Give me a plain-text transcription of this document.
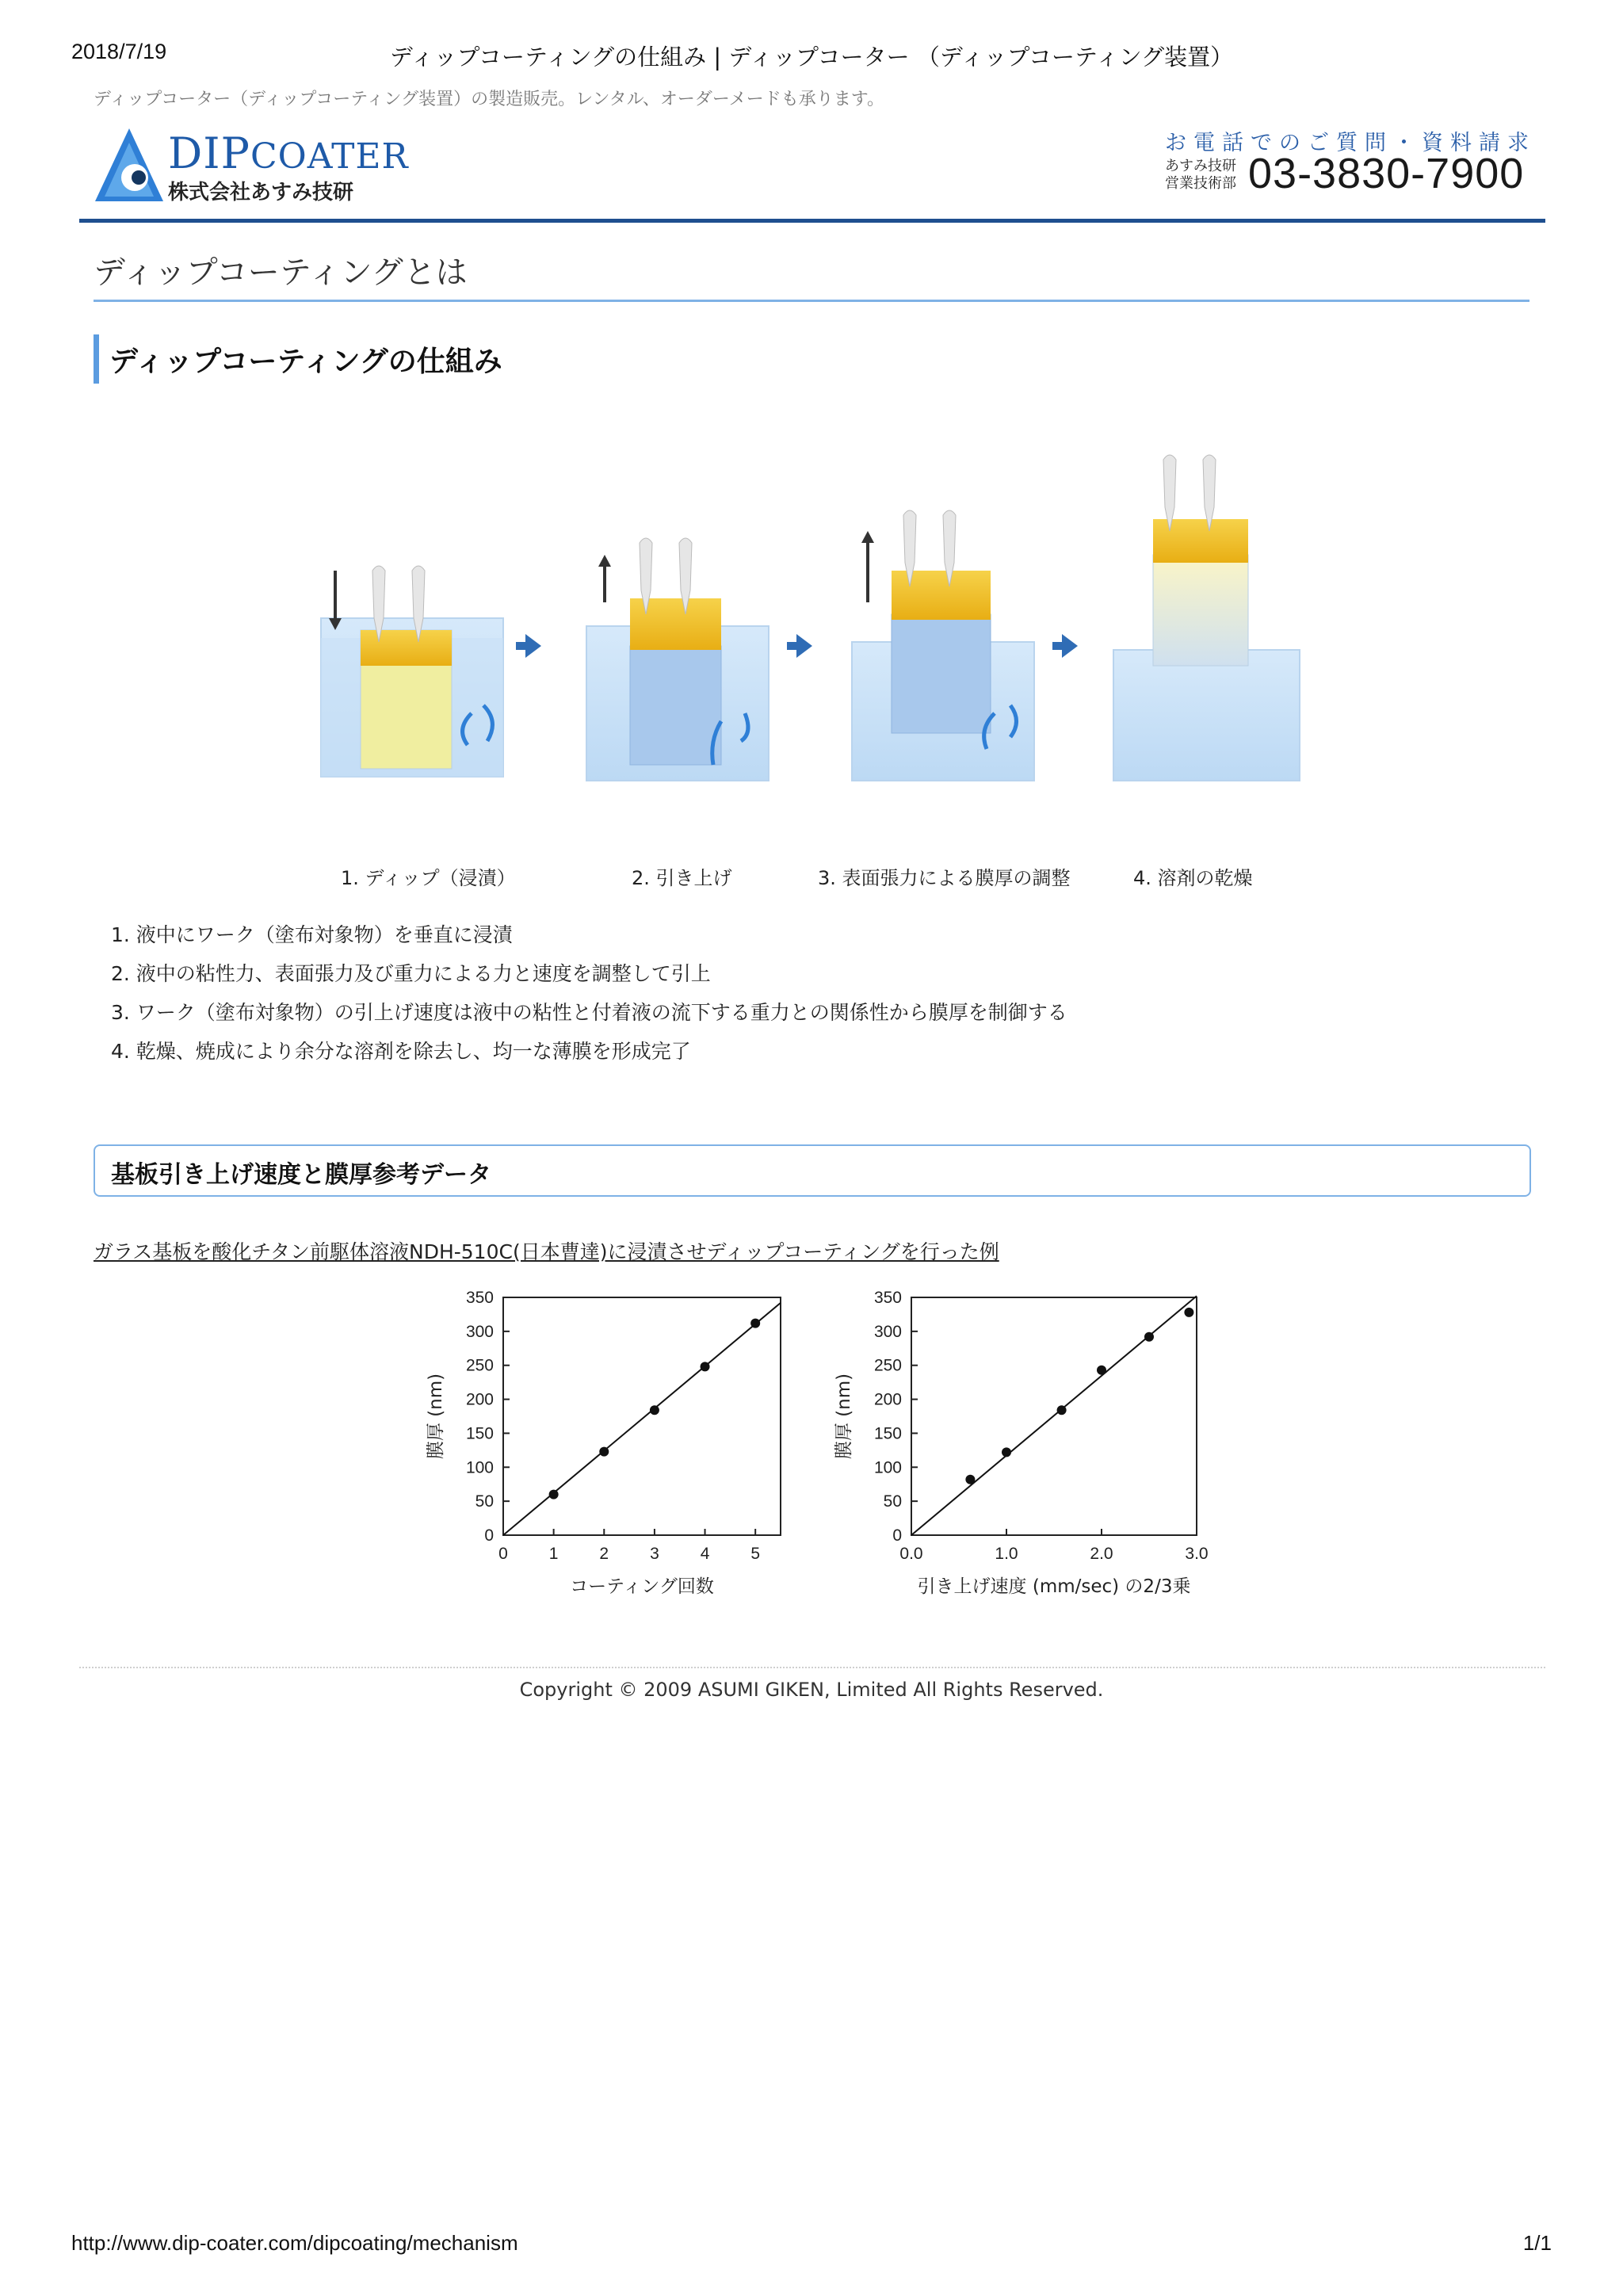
2018/7/19	ディップコーティングの仕組み | ディップコーター （ディップコーティング装置）
ディップコーター（ディップコーティング装置）の製造販売。レンタル、オーダーメードも承ります。
DIPCOATER
株式会社あすみ技研
お電話でのご質問・資料請求
あすみ技研
営業技術部 03-3830-7900
ディップコーティングとは
ディップコーティングの仕組み
1. ディップ（浸漬）	2. 引き上げ	3. 表面張力による膜厚の調整	4. 溶剤の乾燥
1. 液中にワーク（塗布対象物）を垂直に浸漬
2. 液中の粘性力、表面張力及び重力による力と速度を調整して引上
3. ワーク（塗布対象物）の引上げ速度は液中の粘性と付着液の流下する重力との関係性から膜厚を制御する
4. 乾燥、焼成により余分な溶剤を除去し、均一な薄膜を形成完了
基板引き上げ速度と膜厚参考データ
ガラス基板を酸化チタン前駆体溶液NDH-510C(日本曹達)に浸漬させディップコーティングを行った例
0
50
100
150
200
250
300
350
0 1 2 3 4 5
コーティング回数
膜厚 (nm)
0
50
100
150
200
250
300
350
0.0	1.0	2.0	3.0
引き上げ速度 (mm/sec) の2/3乗
膜厚 (nm)
Copyright © 2009 ASUMI GIKEN, Limited All Rights Reserved.
http://www.dip-coater.com/dipcoating/mechanism	1/1
